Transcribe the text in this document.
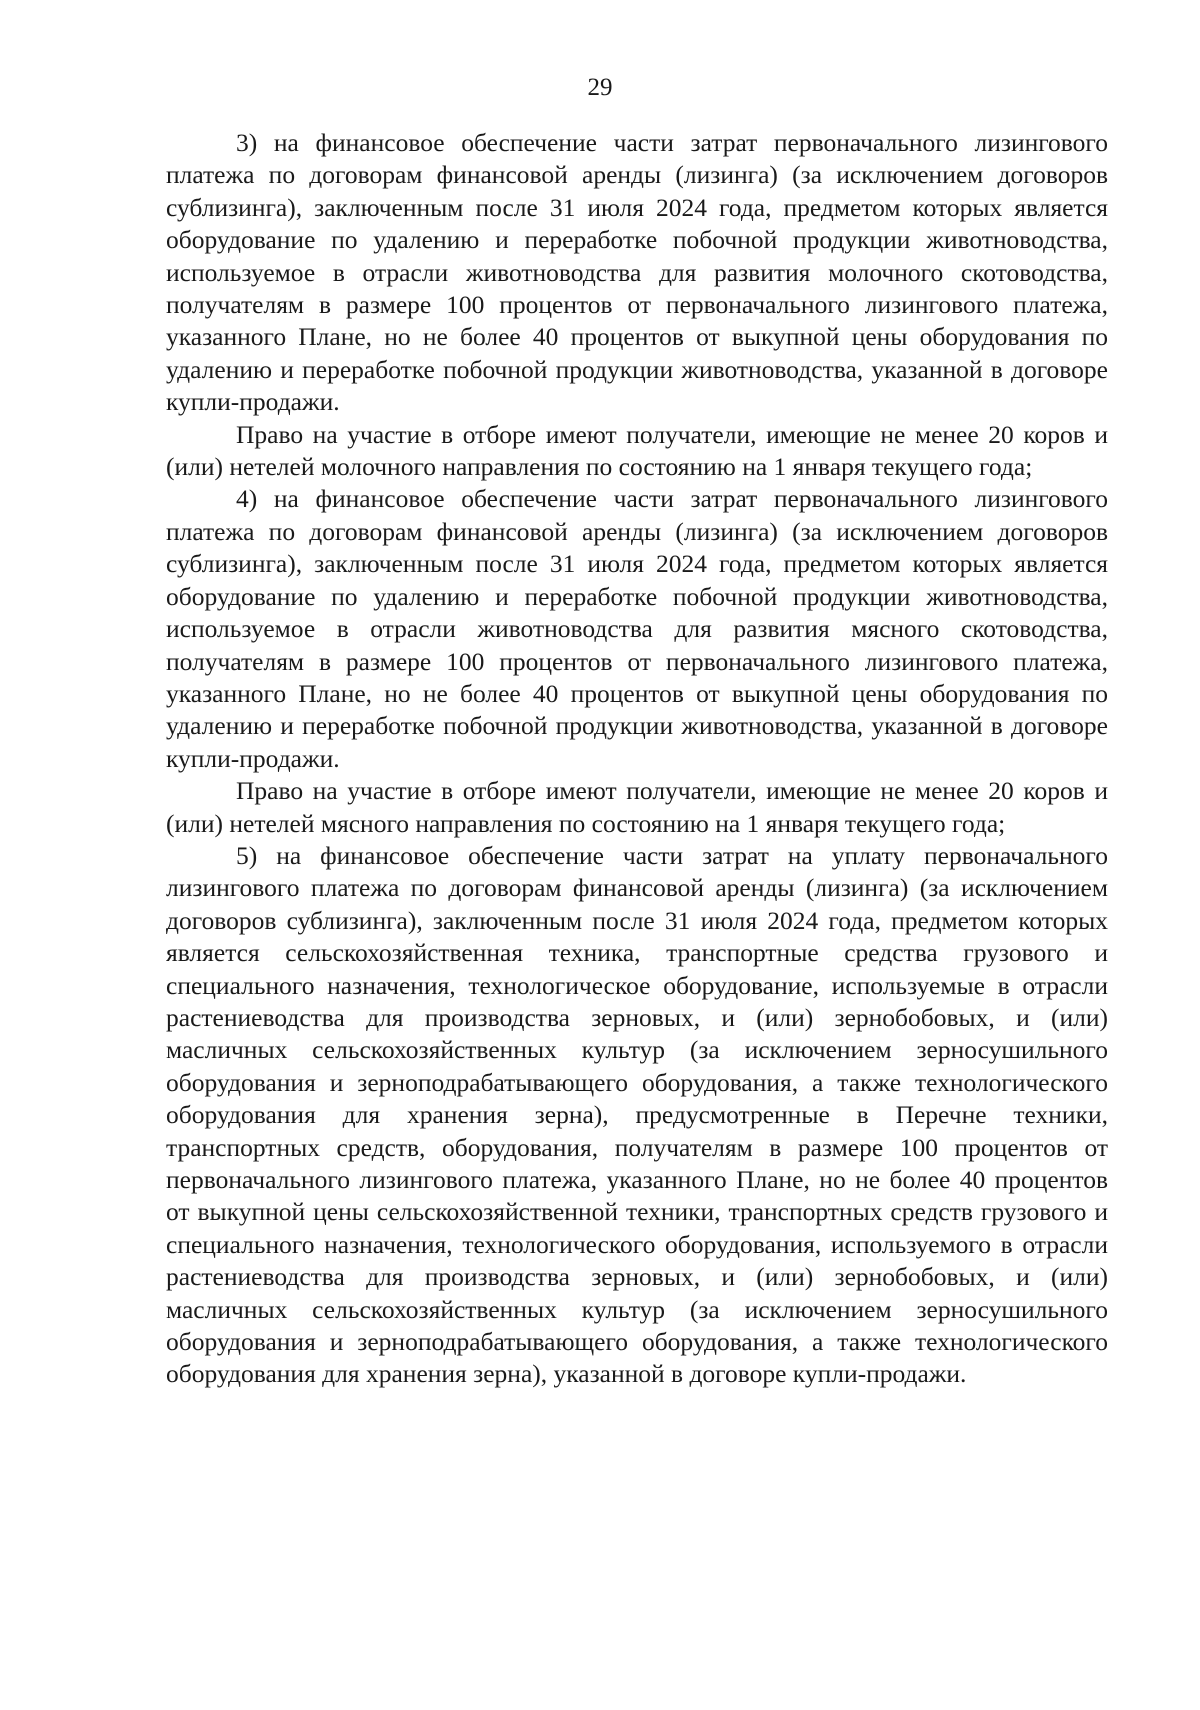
29

3) на финансовое обеспечение части затрат первоначального лизингового платежа по договорам финансовой аренды (лизинга) (за исключением договоров сублизинга), заключенным после 31 июля 2024 года, предметом которых является оборудование по удалению и переработке побочной продукции животноводства, используемое в отрасли животноводства для развития молочного скотоводства, получателям в размере 100 процентов от первоначального лизингового платежа, указанного Плане, но не более 40 процентов от выкупной цены оборудования по удалению и переработке побочной продукции животноводства, указанной в договоре купли-продажи.

Право на участие в отборе имеют получатели, имеющие не менее 20 коров и (или) нетелей молочного направления по состоянию на 1 января текущего года;

4) на финансовое обеспечение части затрат первоначального лизингового платежа по договорам финансовой аренды (лизинга) (за исключением договоров сублизинга), заключенным после 31 июля 2024 года, предметом которых является оборудование по удалению и переработке побочной продукции животноводства, используемое в отрасли животноводства для развития мясного скотоводства, получателям в размере 100 процентов от первоначального лизингового платежа, указанного Плане, но не более 40 процентов от выкупной цены оборудования по удалению и переработке побочной продукции животноводства, указанной в договоре купли-продажи.

Право на участие в отборе имеют получатели, имеющие не менее 20 коров и (или) нетелей мясного направления по состоянию на 1 января текущего года;

5) на финансовое обеспечение части затрат на уплату первоначального лизингового платежа по договорам финансовой аренды (лизинга) (за исключением договоров сублизинга), заключенным после 31 июля 2024 года, предметом которых является сельскохозяйственная техника, транспортные средства грузового и специального назначения, технологическое оборудование, используемые в отрасли растениеводства для производства зерновых, и (или) зернобобовых, и (или) масличных сельскохозяйственных культур (за исключением зерносушильного оборудования и зерноподрабатывающего оборудования, а также технологического оборудования для хранения зерна), предусмотренные в Перечне техники, транспортных средств, оборудования, получателям в размере 100 процентов от первоначального лизингового платежа, указанного Плане, но не более 40 процентов от выкупной цены сельскохозяйственной техники, транспортных средств грузового и специального назначения, технологического оборудования, используемого в отрасли растениеводства для производства зерновых, и (или) зернобобовых, и (или) масличных сельскохозяйственных культур (за исключением зерносушильного оборудования и зерноподрабатывающего оборудования, а также технологического оборудования для хранения зерна), указанной в договоре купли-продажи.
